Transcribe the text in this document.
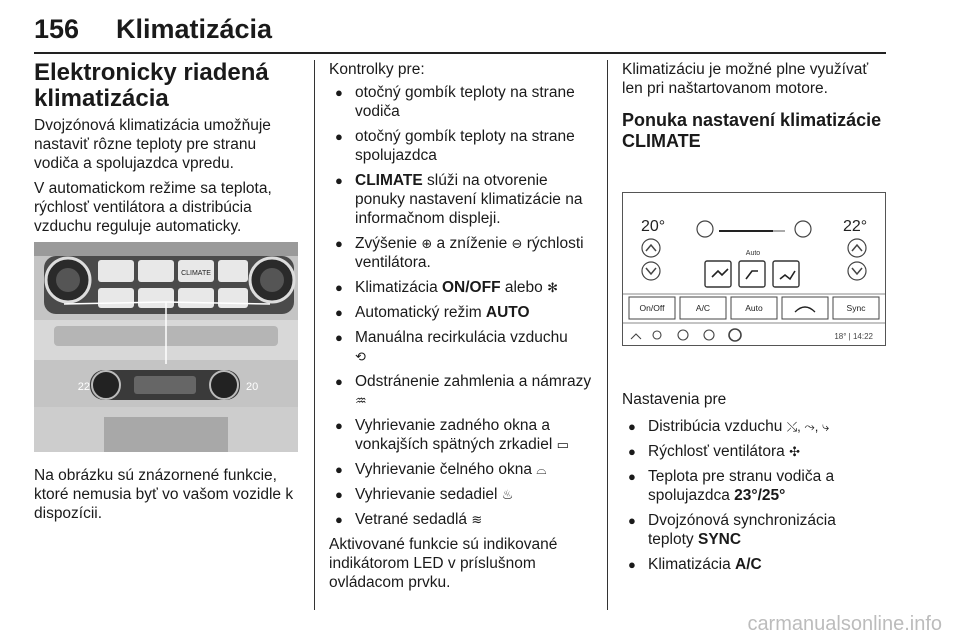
156 Klimatizácia
Elektronicky riadená klimatizácia

Dvojzónová klimatizácia umožňuje nastaviť rôzne teploty pre stranu vodiča a spolujazdca vpredu.

V automatickom režime sa teplota, rýchlosť ventilátora a distribúcia vzduchu reguluje automaticky.

CLIMATE
22	20
Na obrázku sú znázornené funkcie, ktoré nemusia byť vo vašom vozidle k dispozícii.

Kontrolky pre:

● otočný gombík teploty na strane vodiča
● otočný gombík teploty na strane spolujazdca
● CLIMATE slúži na otvorenie ponuky nastavení klimatizácie na informačnom displeji.
● Zvýšenie ⊕ a zníženie ⊖ rýchlosti ventilátora.
● Klimatizácia ON/OFF alebo ✻
● Automatický režim AUTO
● Manuálna recirkulácia vzduchu
⟲
● Odstránenie zahmlenia a námrazy ♒
● Vyhrievanie zadného okna a vonkajších spätných zrkadiel ▭
● Vyhrievanie čelného okna ⌓
● Vyhrievanie sedadiel ♨
● Vetrané sedadlá ≋

Aktivované funkcie sú indikované indikátorom LED v príslušnom ovládacom prvku.

Klimatizáciu je možné plne využívať len pri naštartovanom motore.

Ponuka nastavení klimatizácie CLIMATE
20°	22°
Auto
On/Off	A/C	Auto	Sync
18° | 14:22

Nastavenia pre

● Distribúcia vzduchu ⤯, ⤳, ⤷
● Rýchlosť ventilátora ✣
● Teplota pre stranu vodiča a spolujazdca 23°/25°
● Dvojzónová synchronizácia teploty SYNC
● Klimatizácia A/C
carmanualsonline.info
